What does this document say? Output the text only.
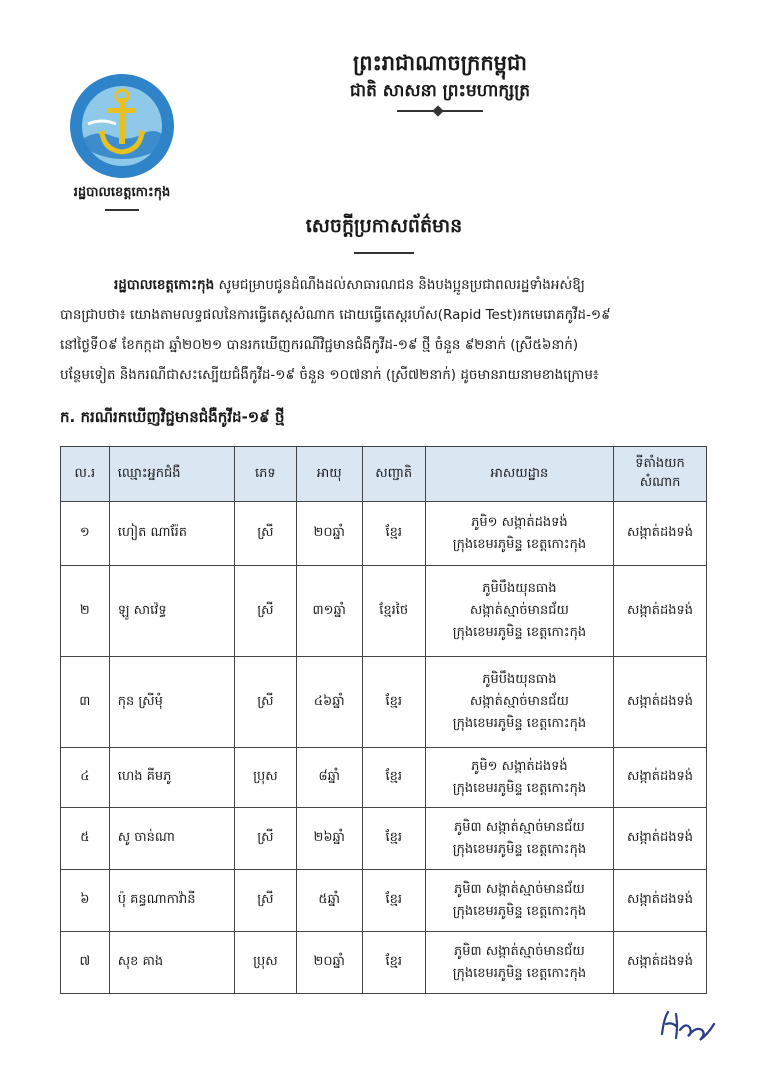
រដ្ឋបាលខេត្តកោះកុង
ព្រះរាជាណាចក្រកម្ពុជា
ជាតិ សាសនា ព្រះមហាក្សត្រ
សេចក្តីប្រកាសព័ត៌មាន

រដ្ឋបាលខេត្តកោះកុង សូមជម្រាបជូនដំណឹងដល់សាធារណជន និងបងប្អូនប្រជាពលរដ្ឋទាំងអស់ឱ្យ

បានជ្រាបថា៖ យោងតាមលទ្ធផលនៃការធ្វើតេស្តសំណាក ដោយធ្វើតេស្តរហ័ស(Rapid Test)រកមេរោគកូវីដ-១៩

នៅថ្ងៃទី០៩ ខែកក្កដា ឆ្នាំ២០២១ បានរកឃើញករណីវិជ្ជមានជំងឺកូវីដ-១៩ ថ្មី ចំនួន ៩២នាក់ (ស្រី៥៦នាក់)

បន្ថែមទៀត និងករណីជាសះស្បើយជំងឺកូវីដ-១៩ ចំនួន ១០៧នាក់ (ស្រី៧២នាក់) ដូចមានរាយនាមខាងក្រោម៖

ក. ករណីរកឃើញវិជ្ជមានជំងឺកូវីដ-១៩ ថ្មី
ល.រ	ឈ្មោះអ្នកជំងឺ	ភេទ	អាយុ	សញ្ជាតិ	អាសយដ្ឋាន	ទីតាំងយកសំណាក
១	ហៀត ណារ៉ែត	ស្រី	២០ឆ្នាំ	ខ្មែរ	ភូមិ១ សង្កាត់ដងទង់
ក្រុងខេមរភូមិន្ទ ខេត្តកោះកុង	សង្កាត់ដងទង់
២	ឡូ សាវ៉េទ្ធ	ស្រី	៣១ឆ្នាំ	ខ្មែរថៃ	ភូមិបឹងយុនធាង
សង្កាត់ស្មាច់មានជ័យ
ក្រុងខេមរភូមិន្ទ ខេត្តកោះកុង	សង្កាត់ដងទង់
៣	កុន ស្រីមុំ	ស្រី	៤៦ឆ្នាំ	ខ្មែរ	ភូមិបឹងយុនធាង
សង្កាត់ស្មាច់មានជ័យ
ក្រុងខេមរភូមិន្ទ ខេត្តកោះកុង	សង្កាត់ដងទង់
៤	ហេង គីមភូ	ប្រុស	៨ឆ្នាំ	ខ្មែរ	ភូមិ១ សង្កាត់ដងទង់
ក្រុងខេមរភូមិន្ទ ខេត្តកោះកុង	សង្កាត់ដងទង់
៥	សូ ចាន់ណា	ស្រី	២៦ឆ្នាំ	ខ្មែរ	ភូមិ៣ សង្កាត់ស្មាច់មានជ័យ
ក្រុងខេមរភូមិន្ទ ខេត្តកោះកុង	សង្កាត់ដងទង់
៦	ប៉ុ គន្ធណាកាវ៉ានី	ស្រី	៥ឆ្នាំ	ខ្មែរ	ភូមិ៣ សង្កាត់ស្មាច់មានជ័យ
ក្រុងខេមរភូមិន្ទ ខេត្តកោះកុង	សង្កាត់ដងទង់
៧	សុខ គាង	ប្រុស	២០ឆ្នាំ	ខ្មែរ	ភូមិ៣ សង្កាត់ស្មាច់មានជ័យ
ក្រុងខេមរភូមិន្ទ ខេត្តកោះកុង	សង្កាត់ដងទង់
